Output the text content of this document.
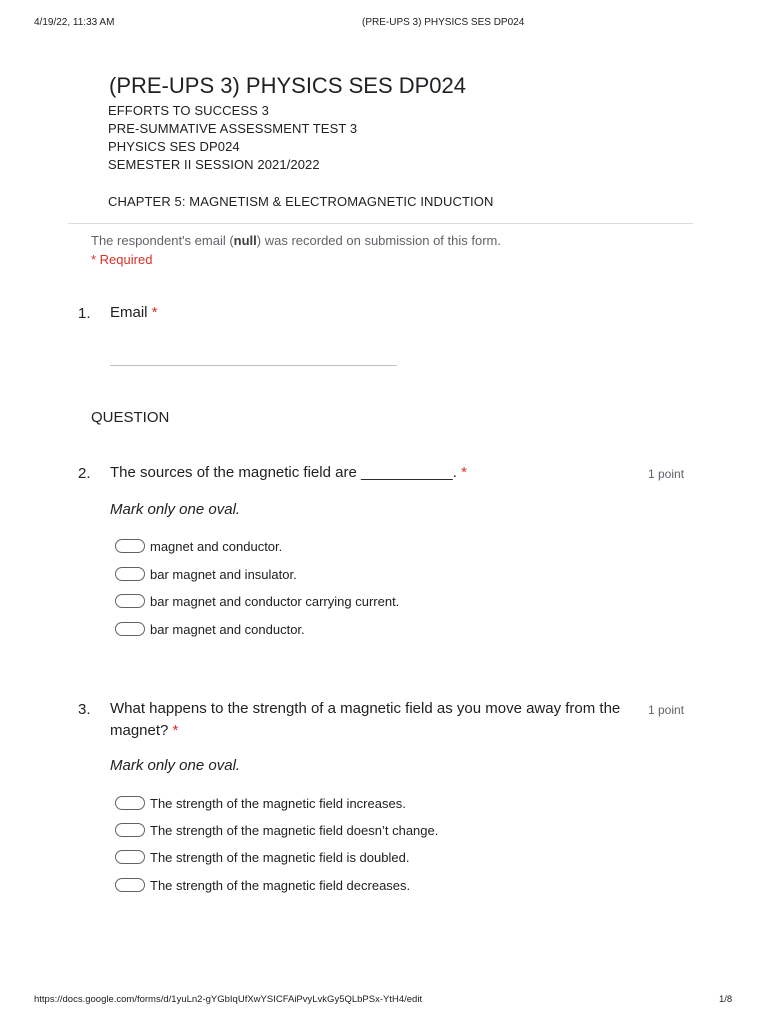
4/19/22, 11:33 AM	(PRE-UPS 3) PHYSICS SES DP024
(PRE-UPS 3) PHYSICS SES DP024
EFFORTS TO SUCCESS 3
PRE-SUMMATIVE ASSESSMENT TEST 3
PHYSICS SES DP024
SEMESTER II SESSION 2021/2022
CHAPTER 5: MAGNETISM & ELECTROMAGNETIC INDUCTION
The respondent's email (null) was recorded on submission of this form.
* Required
1. Email *
QUESTION
2. The sources of the magnetic field are ___________. *	1 point
Mark only one oval.
magnet and conductor.
bar magnet and insulator.
bar magnet and conductor carrying current.
bar magnet and conductor.
3. What happens to the strength of a magnetic field as you move away from the magnet? *
1 point
Mark only one oval.
The strength of the magnetic field increases.
The strength of the magnetic field doesn’t change.
The strength of the magnetic field is doubled.
The strength of the magnetic field decreases.
https://docs.google.com/forms/d/1yuLn2-gYGbIqUfXwYSICFAiPvyLvkGy5QLbPSx-YtH4/edit	1/8
